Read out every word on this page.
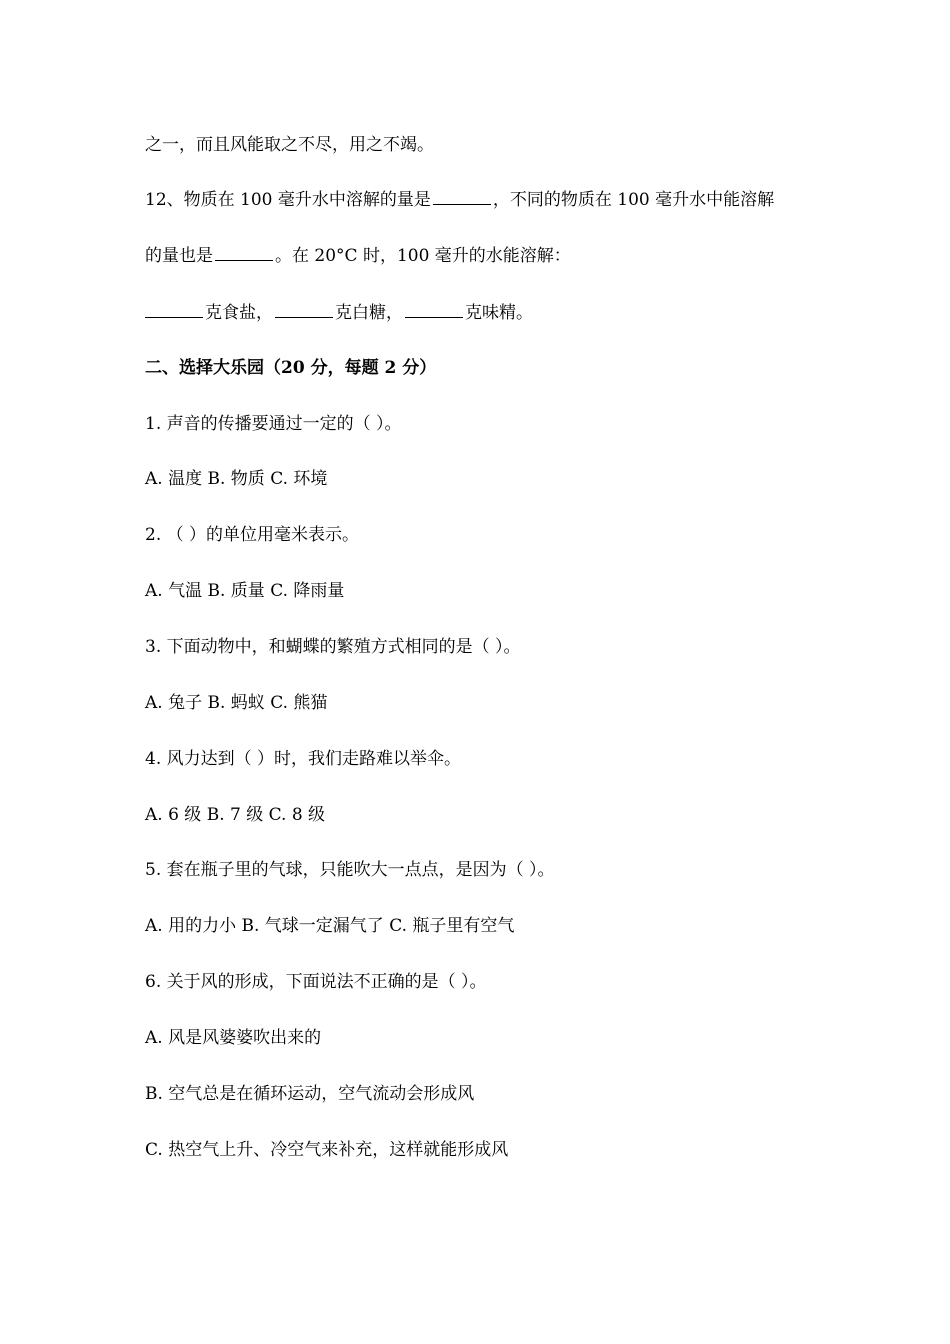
之一，而且风能取之不尽，用之不竭。
12、物质在 100 毫升水中溶解的量是	，不同的物质在 100 毫升水中能溶解
的量也是	。在 20°C 时，100 毫升的水能溶解：
克食盐，	克白糖，	克味精。
二、选择大乐园（20 分，每题 2 分）
1. 声音的传播要通过一定的（ ）。
A. 温度 B. 物质 C. 环境
2. （ ）的单位用毫米表示。
A. 气温 B. 质量 C. 降雨量
3. 下面动物中，和蝴蝶的繁殖方式相同的是（ ）。
A. 兔子 B. 蚂蚁 C. 熊猫
4. 风力达到（ ）时，我们走路难以举伞。
A. 6 级 B. 7 级 C. 8 级
5. 套在瓶子里的气球，只能吹大一点点，是因为（ ）。
A. 用的力小 B. 气球一定漏气了 C. 瓶子里有空气
6. 关于风的形成，下面说法不正确的是（ ）。
A. 风是风婆婆吹出来的
B. 空气总是在循环运动，空气流动会形成风
C. 热空气上升、冷空气来补充，这样就能形成风
